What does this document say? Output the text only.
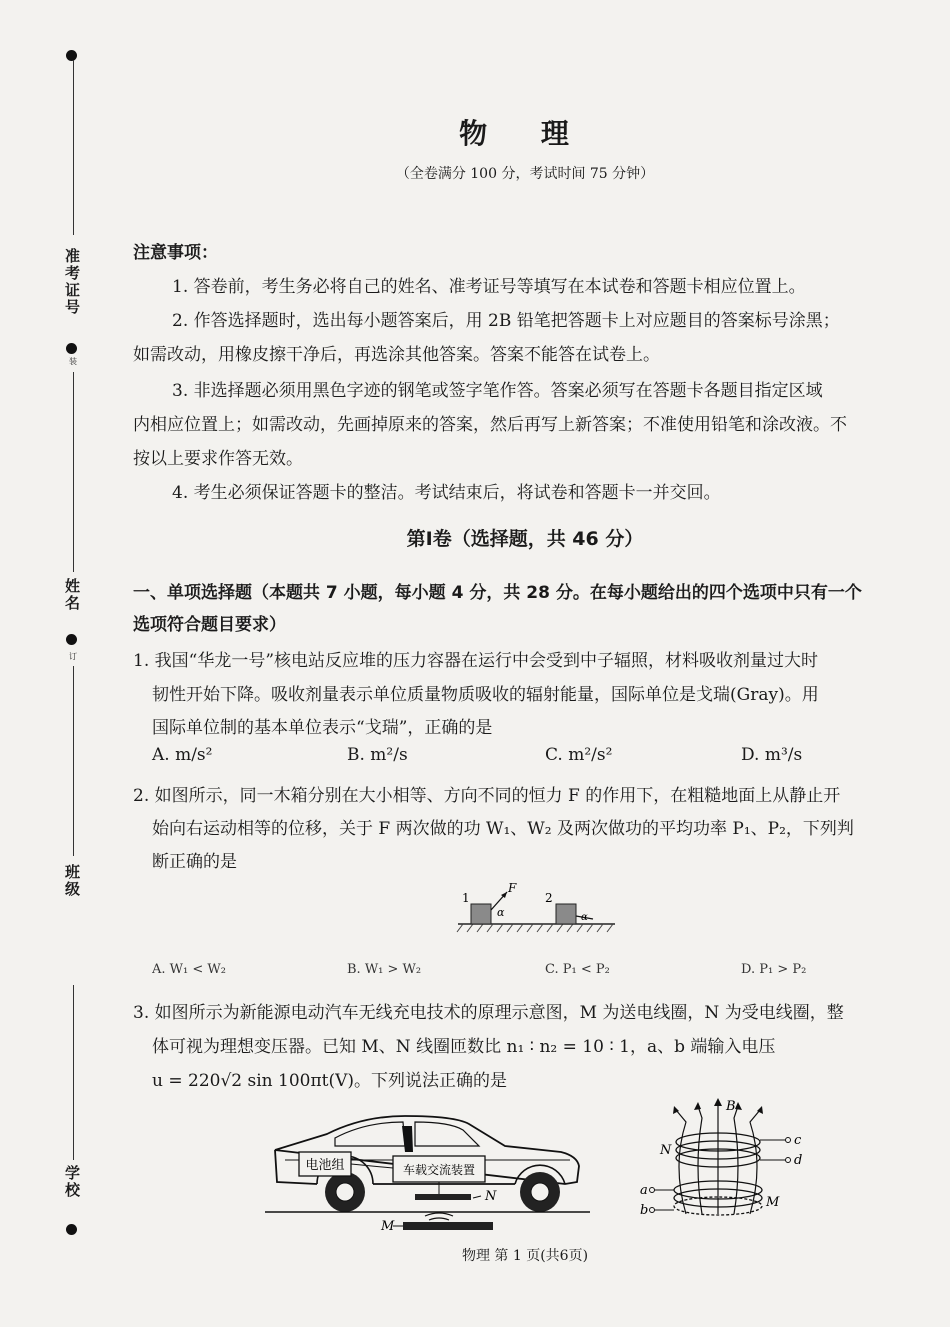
准考证号
装
姓名
订
班级
学校
物 理
（全卷满分 100 分，考试时间 75 分钟）
注意事项：
1. 答卷前，考生务必将自己的姓名、准考证号等填写在本试卷和答题卡相应位置上。
2. 作答选择题时，选出每小题答案后，用 2B 铅笔把答题卡上对应题目的答案标号涂黑；
如需改动，用橡皮擦干净后，再选涂其他答案。答案不能答在试卷上。
3. 非选择题必须用黑色字迹的钢笔或签字笔作答。答案必须写在答题卡各题目指定区域
内相应位置上；如需改动，先画掉原来的答案，然后再写上新答案；不准使用铅笔和涂改液。不
按以上要求作答无效。
4. 考生必须保证答题卡的整洁。考试结束后，将试卷和答题卡一并交回。
第Ⅰ卷（选择题，共 46 分）
一、单项选择题（本题共 7 小题，每小题 4 分，共 28 分。在每小题给出的四个选项中只有一个
选项符合题目要求）
1. 我国“华龙一号”核电站反应堆的压力容器在运行中会受到中子辐照，材料吸收剂量过大时
韧性开始下降。吸收剂量表示单位质量物质吸收的辐射能量，国际单位是戈瑞(Gray)。用
国际单位制的基本单位表示“戈瑞”，正确的是
A. m/s²	B. m²/s	C. m²/s²	D. m³/s
2. 如图所示，同一木箱分别在大小相等、方向不同的恒力 F 的作用下，在粗糙地面上从静止开
始向右运动相等的位移，关于 F 两次做的功 W₁、W₂ 及两次做功的平均功率 P₁、P₂，下列判
断正确的是
1
F
α
2
α
A. W₁ < W₂	B. W₁ > W₂	C. P₁ < P₂	D. P₁ > P₂
3. 如图所示为新能源电动汽车无线充电技术的原理示意图，M 为送电线圈，N 为受电线圈，整
体可视为理想变压器。已知 M、N 线圈匝数比 n₁ ∶ n₂ = 10 ∶ 1，a、b 端输入电压
u = 220√2 sin 100πt(V)。下列说法正确的是
电池组	车载交流装置
N
M
B
c
d
N
a
b
M
物理 第 1 页(共6页)
